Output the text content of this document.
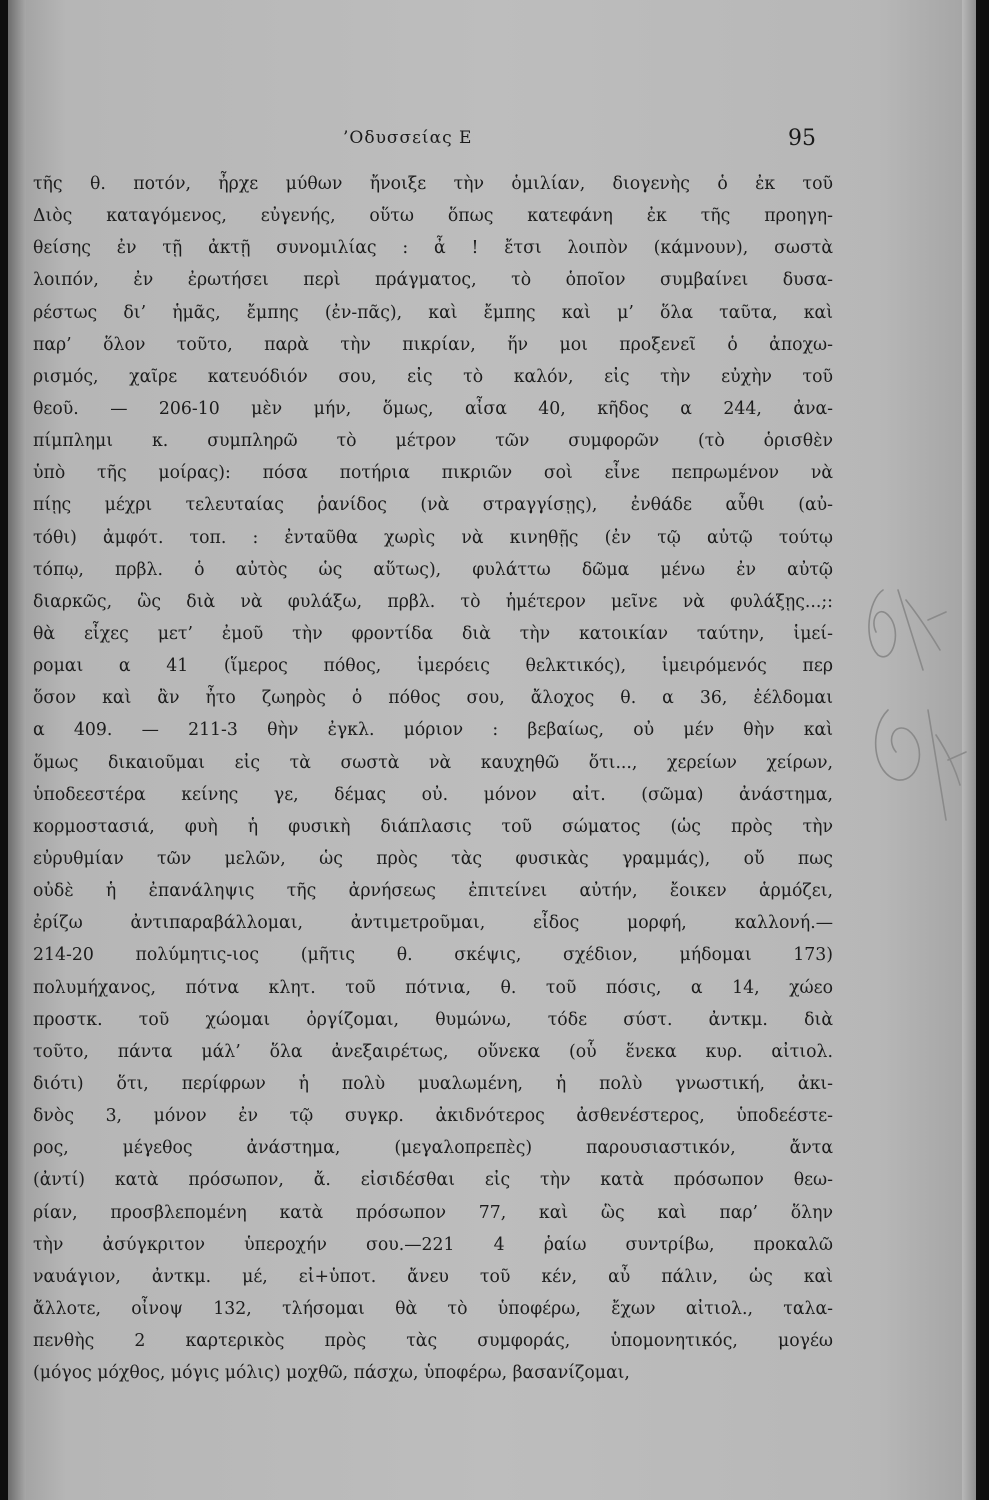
’Οδυσσείας Ε	95
τῆς θ. ποτόν, ἦρχε μύθων ἤνοιξε τὴν ὁμιλίαν, διογενὴς ὁ ἐκ τοῦ
Διὸς καταγόμενος, εὐγενής, οὕτω ὅπως κατεφάνη ἐκ τῆς προηγη-
θείσης ἐν τῇ ἀκτῇ συνομιλίας : ἆ ! ἔτσι λοιπὸν (κάμνουν), σωστὰ
λοιπόν, ἐν ἐρωτήσει περὶ πράγματος, τὸ ὁποῖον συμβαίνει δυσα-
ρέστως δι’ ἡμᾶς, ἔμπης (ἐν-πᾶς), καὶ ἔμπης καὶ μ’ ὅλα ταῦτα, καὶ
παρ’ ὅλον τοῦτο, παρὰ τὴν πικρίαν, ἥν μοι προξενεῖ ὁ ἀποχω-
ρισμός, χαῖρε κατευόδιόν σου, εἰς τὸ καλόν, εἰς τὴν εὐχὴν τοῦ
θεοῦ. — 206-10 μὲν μήν, ὅμως, αἶσα 40, κῆδος α 244, ἀνα-
πίμπλημι κ. συμπληρῶ τὸ μέτρον τῶν συμφορῶν (τὸ ὁρισθὲν
ὑπὸ τῆς μοίρας): πόσα ποτήρια πικριῶν σοὶ εἶνε πεπρωμένον νὰ
πίῃς μέχρι τελευταίας ῥανίδος (νὰ στραγγίσῃς), ἐνθάδε αὖθι (αὐ-
τόθι) ἀμφότ. τοπ. : ἐνταῦθα χωρὶς νὰ κινηθῇς (ἐν τῷ αὐτῷ τούτῳ
τόπῳ, πρβλ. ὁ αὐτὸς ὡς αὕτως), φυλάττω δῶμα μένω ἐν αὐτῷ
διαρκῶς, ὣς διὰ νὰ φυλάξω, πρβλ. τὸ ἡμέτερον μεῖνε νὰ φυλάξῃς...;:
θὰ εἶχες μετ’ ἐμοῦ τὴν φροντίδα διὰ τὴν κατοικίαν ταύτην, ἱμεί-
ρομαι α 41 (ἵμερος πόθος, ἱμερόεις θελκτικός), ἱμειρόμενός περ
ὅσον καὶ ἂν ἦτο ζωηρὸς ὁ πόθος σου, ἄλοχος θ. α 36, ἐέλδομαι
α 409. — 211-3 θὴν ἐγκλ. μόριον : βεβαίως, οὐ μέν θὴν καὶ
ὅμως δικαιοῦμαι εἰς τὰ σωστὰ νὰ καυχηθῶ ὅτι..., χερείων χείρων,
ὑποδεεστέρα κείνης γε, δέμας οὐ. μόνον αἰτ. (σῶμα) ἀνάστημα,
κορμοστασιά, φυὴ ἡ φυσικὴ διάπλασις τοῦ σώματος (ὡς πρὸς τὴν
εὐρυθμίαν τῶν μελῶν, ὡς πρὸς τὰς φυσικὰς γραμμάς), οὔ πως
οὐδὲ ἡ ἐπανάληψις τῆς ἀρνήσεως ἐπιτείνει αὐτήν, ἔοικεν ἁρμόζει,
ἐρίζω ἀντιπαραβάλλομαι, ἀντιμετροῦμαι, εἶδος μορφή, καλλονή.—
214-20 πολύμητις-ιος (μῆτις θ. σκέψις, σχέδιον, μήδομαι 173)
πολυμήχανος, πότνα κλητ. τοῦ πότνια, θ. τοῦ πόσις, α 14, χώεο
προστκ. τοῦ χώομαι ὀργίζομαι, θυμώνω, τόδε σύστ. ἀντκμ. διὰ
τοῦτο, πάντα μάλ’ ὅλα ἀνεξαιρέτως, οὕνεκα (οὗ ἕνεκα κυρ. αἰτιολ.
διότι) ὅτι, περίφρων ἡ πολὺ μυαλωμένη, ἡ πολὺ γνωστική, ἀκι-
δνὸς 3, μόνον ἐν τῷ συγκρ. ἀκιδνότερος ἀσθενέστερος, ὑποδεέστε-
ρος, μέγεθος ἀνάστημα, (μεγαλοπρεπὲς) παρουσιαστικόν, ἄντα
(ἀντί) κατὰ πρόσωπον, ἄ. εἰσιδέσθαι εἰς τὴν κατὰ πρόσωπον θεω-
ρίαν, προσβλεπομένη κατὰ πρόσωπον 77, καὶ ὣς καὶ παρ’ ὅλην
τὴν ἀσύγκριτον ὑπεροχήν σου.—221 4 ῥαίω συντρίβω, προκαλῶ
ναυάγιον, ἀντκμ. μέ, εἰ+ὑποτ. ἄνευ τοῦ κέν, αὖ πάλιν, ὡς καὶ
ἄλλοτε, οἶνοψ 132, τλήσομαι θὰ τὸ ὑποφέρω, ἔχων αἰτιολ., ταλα-
πενθὴς 2 καρτερικὸς πρὸς τὰς συμφοράς, ὑπομονητικός, μογέω
(μόγος μόχθος, μόγις μόλις) μοχθῶ, πάσχω, ὑποφέρω, βασανίζομαι,
